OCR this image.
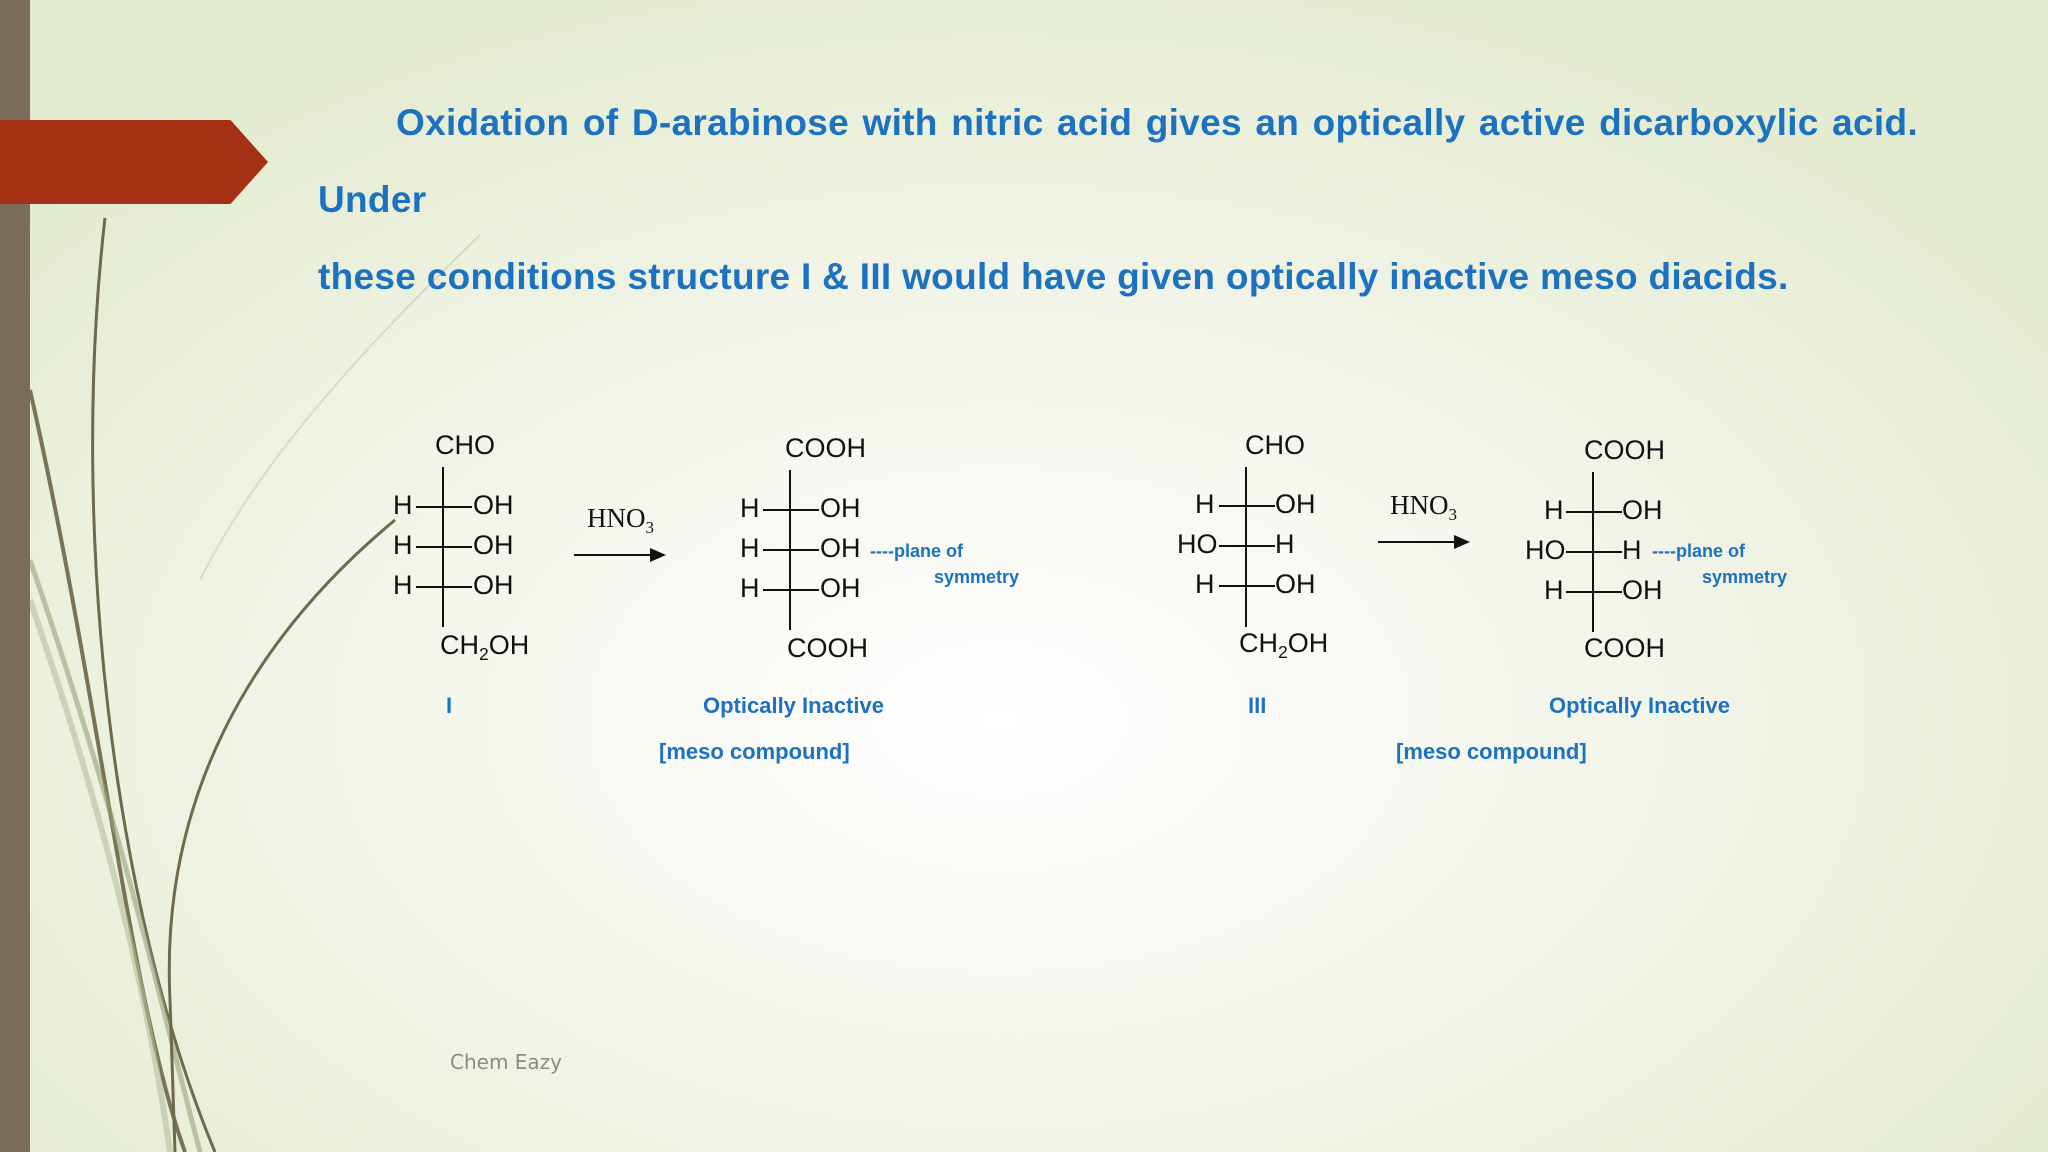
Oxidation of D-arabinose with nitric acid gives an optically active dicarboxylic acid. Under
these conditions structure I & III would have given optically inactive meso diacids.
CHO
H OH
H OH
H OH
$CH_2OH$
I
$HNO_3$
COOH
H OH
H OH
H OH
COOH
----plane of
symmetry
Optically Inactive
[meso compound]
CHO
H OH
HO H
H OH
$CH_2OH$
III
$HNO_3$
COOH
H OH
HO H
H OH
COOH
----plane of
symmetry
Optically Inactive
[meso compound]
Chem Eazy
